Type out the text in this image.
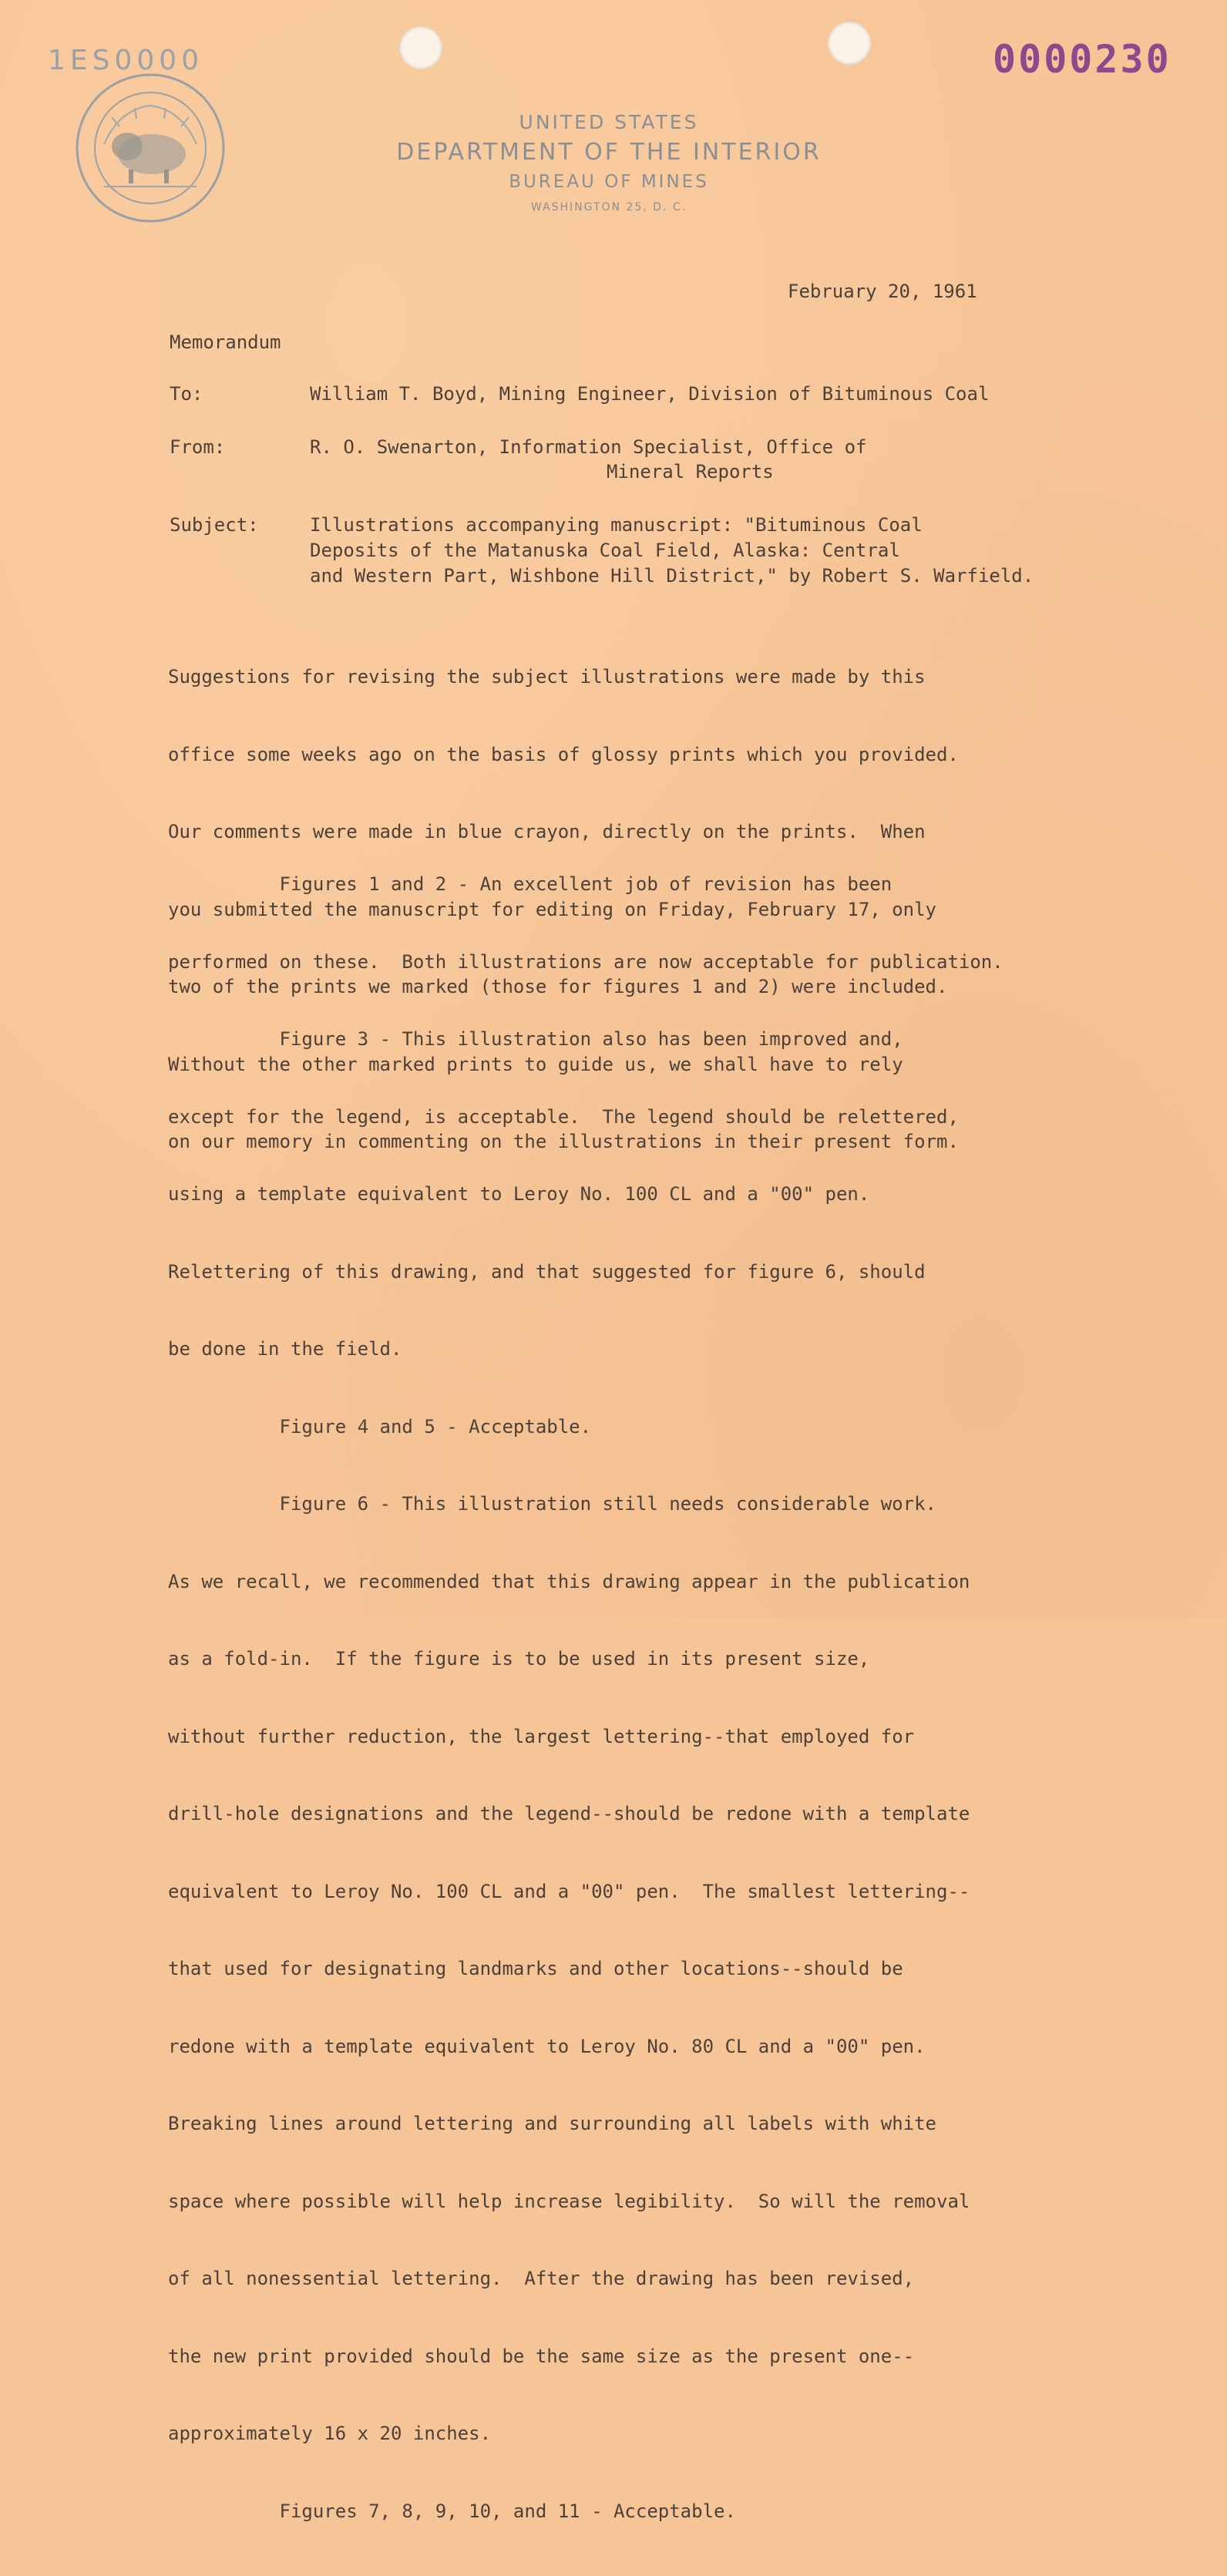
1ES0000	0000230
UNITED STATES
DEPARTMENT OF THE INTERIOR
BUREAU OF MINES
WASHINGTON 25, D. C.
February 20, 1961
Memorandum
To:	William T. Boyd, Mining Engineer, Division of Bituminous Coal
From:	R. O. Swenarton, Information Specialist, Office of
Mineral Reports
Subject:	Illustrations accompanying manuscript: "Bituminous Coal
Deposits of the Matanuska Coal Field, Alaska: Central
and Western Part, Wishbone Hill District," by Robert S. Warfield.

Suggestions for revising the subject illustrations were made by this

office some weeks ago on the basis of glossy prints which you provided.

Our comments were made in blue crayon, directly on the prints.  When

you submitted the manuscript for editing on Friday, February 17, only

two of the prints we marked (those for figures 1 and 2) were included.

Without the other marked prints to guide us, we shall have to rely

on our memory in commenting on the illustrations in their present form.

Figures 1 and 2 - An excellent job of revision has been

performed on these.  Both illustrations are now acceptable for publication.

Figure 3 - This illustration also has been improved and,

except for the legend, is acceptable.  The legend should be relettered,

using a template equivalent to Leroy No. 100 CL and a "00" pen.

Relettering of this drawing, and that suggested for figure 6, should

be done in the field.

Figure 4 and 5 - Acceptable.

Figure 6 - This illustration still needs considerable work.

As we recall, we recommended that this drawing appear in the publication

as a fold-in.  If the figure is to be used in its present size,

without further reduction, the largest lettering--that employed for

drill-hole designations and the legend--should be redone with a template

equivalent to Leroy No. 100 CL and a "00" pen.  The smallest lettering--

that used for designating landmarks and other locations--should be

redone with a template equivalent to Leroy No. 80 CL and a "00" pen.

Breaking lines around lettering and surrounding all labels with white

space where possible will help increase legibility.  So will the removal

of all nonessential lettering.  After the drawing has been revised,

the new print provided should be the same size as the present one--

approximately 16 x 20 inches.

Figures 7, 8, 9, 10, and 11 - Acceptable.
